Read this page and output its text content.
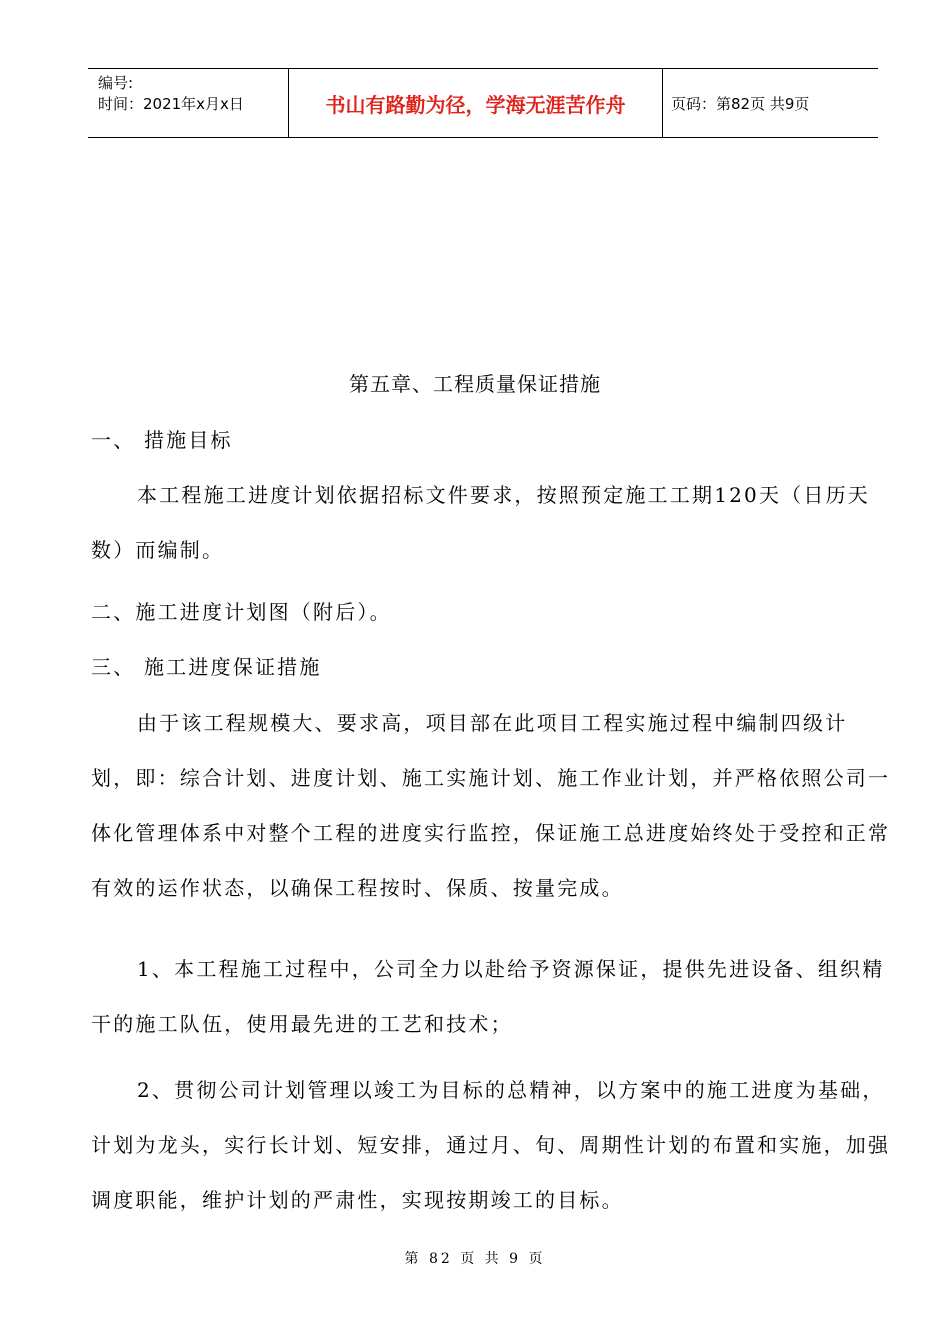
编号:
时间：2021年x月x日	书山有路勤为径，学海无涯苦作舟	页码：第82页 共9页
第五章、工程质量保证措施

一、 措施目标

本工程施工进度计划依据招标文件要求，按照预定施工工期120天（日历天数）而编制。

二、施工进度计划图（附后）。

三、 施工进度保证措施

由于该工程规模大、要求高，项目部在此项目工程实施过程中编制四级计划，即：综合计划、进度计划、施工实施计划、施工作业计划，并严格依照公司一体化管理体系中对整个工程的进度实行监控，保证施工总进度始终处于受控和正常有效的运作状态，以确保工程按时、保质、按量完成。

1、本工程施工过程中，公司全力以赴给予资源保证，提供先进设备、组织精干的施工队伍，使用最先进的工艺和技术；

2、贯彻公司计划管理以竣工为目标的总精神，以方案中的施工进度为基础，计划为龙头，实行长计划、短安排，通过月、旬、周期性计划的布置和实施，加强调度职能，维护计划的严肃性，实现按期竣工的目标。

第 82 页 共 9 页
